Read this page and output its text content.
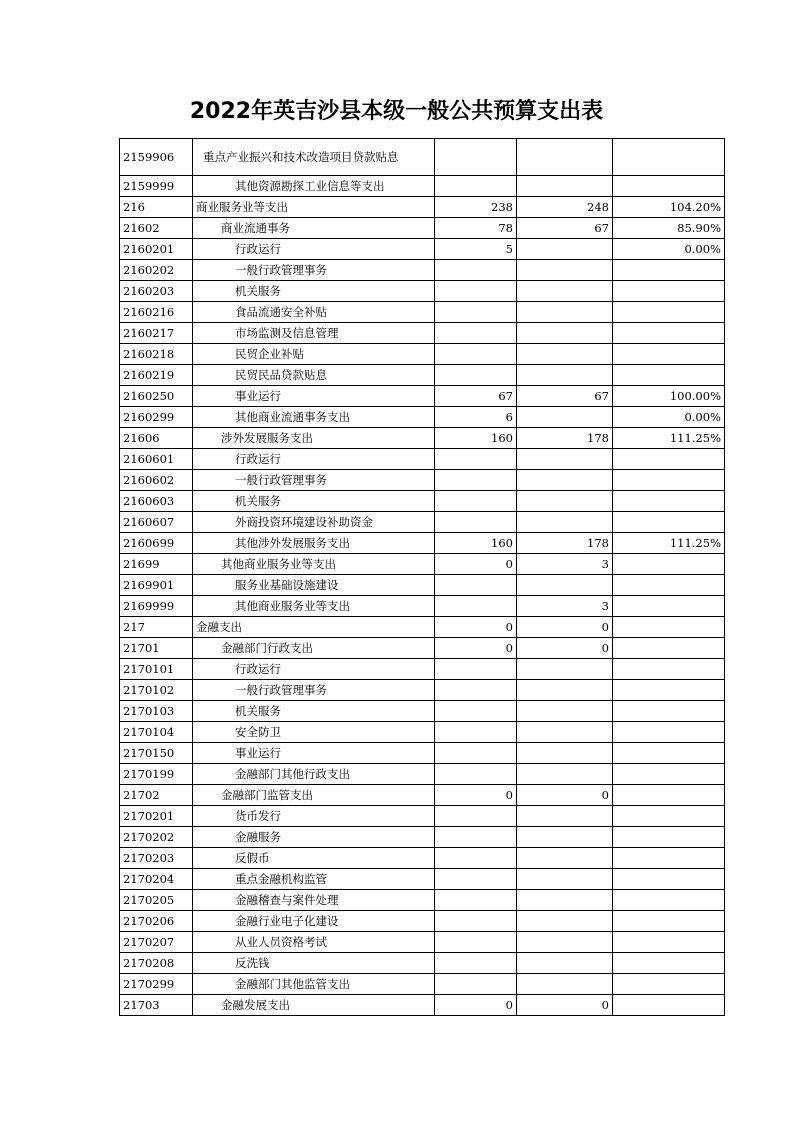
2022年英吉沙县本级一般公共预算支出表
2159906	重点产业振兴和技术改造项目贷款贴息			
2159999	其他资源勘探工业信息等支出			
216	商业服务业等支出	238	248	104.20%
21602	商业流通事务	78	67	85.90%
2160201	行政运行	5		0.00%
2160202	一般行政管理事务			
2160203	机关服务			
2160216	食品流通安全补贴			
2160217	市场监测及信息管理			
2160218	民贸企业补贴			
2160219	民贸民品贷款贴息			
2160250	事业运行	67	67	100.00%
2160299	其他商业流通事务支出	6		0.00%
21606	涉外发展服务支出	160	178	111.25%
2160601	行政运行			
2160602	一般行政管理事务			
2160603	机关服务			
2160607	外商投资环境建设补助资金			
2160699	其他涉外发展服务支出	160	178	111.25%
21699	其他商业服务业等支出	0	3	
2169901	服务业基础设施建设			
2169999	其他商业服务业等支出		3	
217	金融支出	0	0	
21701	金融部门行政支出	0	0	
2170101	行政运行			
2170102	一般行政管理事务			
2170103	机关服务			
2170104	安全防卫			
2170150	事业运行			
2170199	金融部门其他行政支出			
21702	金融部门监管支出	0	0	
2170201	货币发行			
2170202	金融服务			
2170203	反假币			
2170204	重点金融机构监管			
2170205	金融稽查与案件处理			
2170206	金融行业电子化建设			
2170207	从业人员资格考试			
2170208	反洗钱			
2170299	金融部门其他监管支出			
21703	金融发展支出	0	0	
